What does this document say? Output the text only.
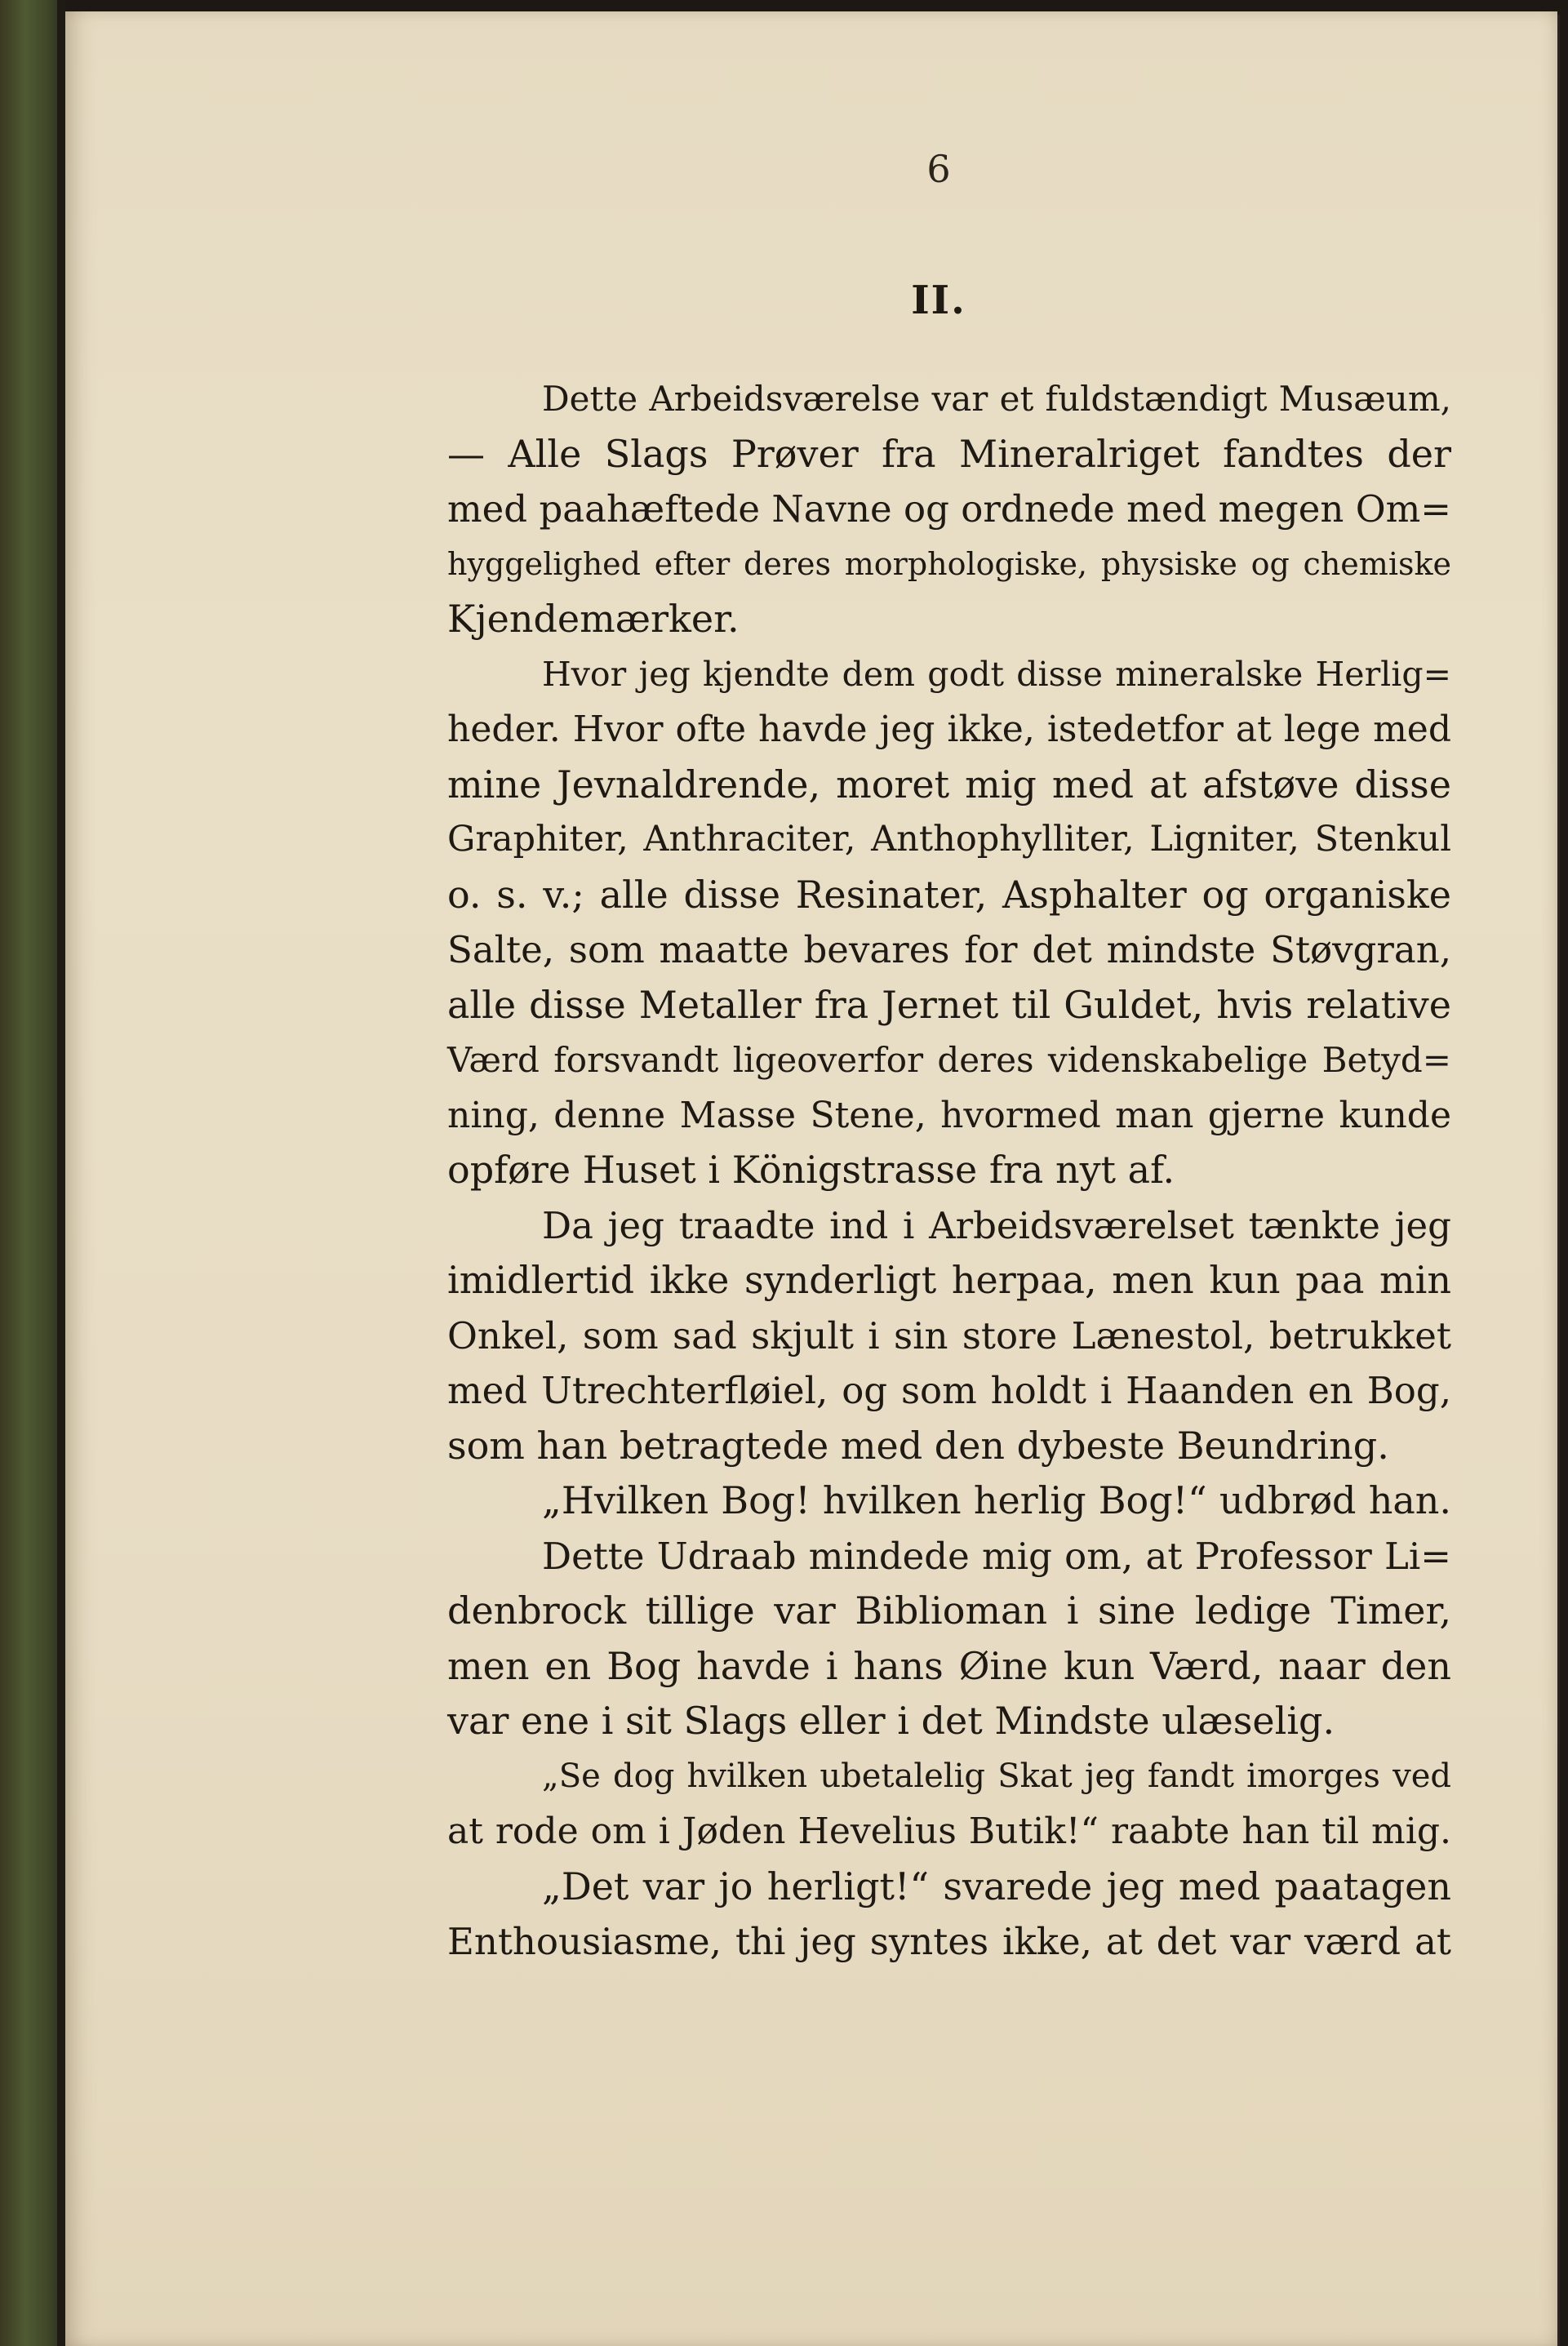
6
II.
Dette Arbeidsværelse var et fuldstændigt Musæum,
— Alle Slags Prøver fra Mineralriget fandtes der
med paahæftede Navne og ordnede med megen Om=
hyggelighed efter deres morphologiske, physiske og chemiske
Kjendemærker.
Hvor jeg kjendte dem godt disse mineralske Herlig=
heder. Hvor ofte havde jeg ikke, istedetfor at lege med
mine Jevnaldrende, moret mig med at afstøve disse
Graphiter, Anthraciter, Anthophylliter, Ligniter, Stenkul
o. s. v.; alle disse Resinater, Asphalter og organiske
Salte, som maatte bevares for det mindste Støvgran,
alle disse Metaller fra Jernet til Guldet, hvis relative
Værd forsvandt ligeoverfor deres videnskabelige Betyd=
ning, denne Masse Stene, hvormed man gjerne kunde
opføre Huset i Königstrasse fra nyt af.
Da jeg traadte ind i Arbeidsværelset tænkte jeg
imidlertid ikke synderligt herpaa, men kun paa min
Onkel, som sad skjult i sin store Lænestol, betrukket
med Utrechterfløiel, og som holdt i Haanden en Bog,
som han betragtede med den dybeste Beundring.
„Hvilken Bog! hvilken herlig Bog!“ udbrød han.
Dette Udraab mindede mig om, at Professor Li=
denbrock tillige var Biblioman i sine ledige Timer,
men en Bog havde i hans Øine kun Værd, naar den
var ene i sit Slags eller i det Mindste ulæselig.
„Se dog hvilken ubetalelig Skat jeg fandt imorges ved
at rode om i Jøden Hevelius Butik!“ raabte han til mig.
„Det var jo herligt!“ svarede jeg med paatagen
Enthousiasme, thi jeg syntes ikke, at det var værd at
